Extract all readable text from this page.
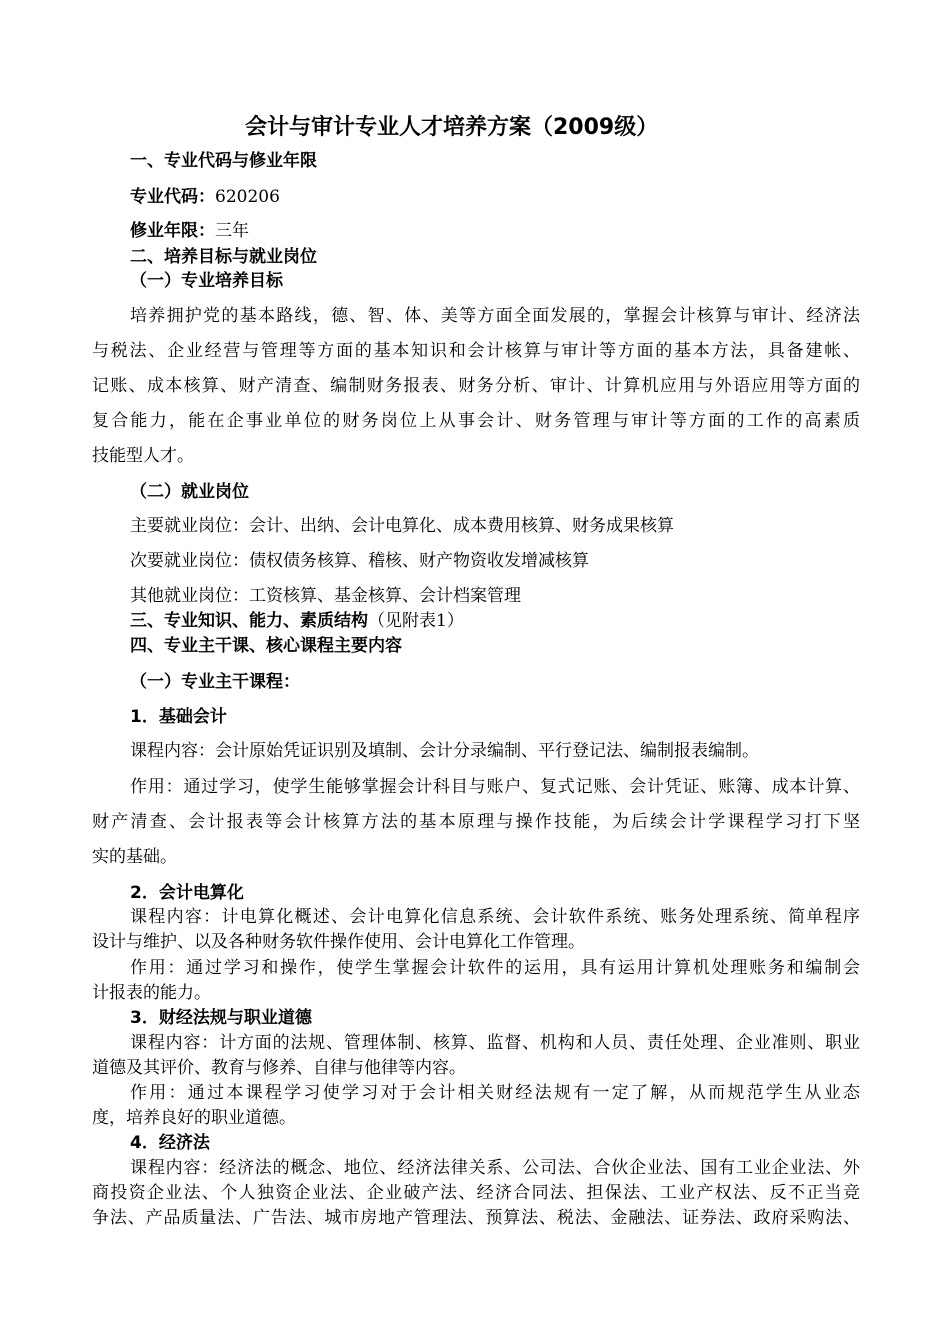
会计与审计专业人才培养方案（2009级）
一、专业代码与修业年限
专业代码：620206
修业年限：三年
二、培养目标与就业岗位
（一）专业培养目标
培养拥护党的基本路线，德、智、体、美等方面全面发展的，掌握会计核算与审计、经济法
与税法、企业经营与管理等方面的基本知识和会计核算与审计等方面的基本方法，具备建帐、
记账、成本核算、财产清查、编制财务报表、财务分析、审计、计算机应用与外语应用等方面的
复合能力，能在企事业单位的财务岗位上从事会计、财务管理与审计等方面的工作的高素质
技能型人才。
（二）就业岗位
主要就业岗位：会计、出纳、会计电算化、成本费用核算、财务成果核算
次要就业岗位：债权债务核算、稽核、财产物资收发增减核算
其他就业岗位：工资核算、基金核算、会计档案管理
三、专业知识、能力、素质结构（见附表1）
四、专业主干课、核心课程主要内容
（一）专业主干课程：
1．基础会计
课程内容：会计原始凭证识别及填制、会计分录编制、平行登记法、编制报表编制。
作用：通过学习，使学生能够掌握会计科目与账户、复式记账、会计凭证、账簿、成本计算、
财产清查、会计报表等会计核算方法的基本原理与操作技能，为后续会计学课程学习打下坚
实的基础。
2．会计电算化
课程内容：计电算化概述、会计电算化信息系统、会计软件系统、账务处理系统、简单程序
设计与维护、以及各种财务软件操作使用、会计电算化工作管理。
作用：通过学习和操作，使学生掌握会计软件的运用，具有运用计算机处理账务和编制会
计报表的能力。
3．财经法规与职业道德
课程内容：计方面的法规、管理体制、核算、监督、机构和人员、责任处理、企业准则、职业
道德及其评价、教育与修养、自律与他律等内容。
作用：通过本课程学习使学习对于会计相关财经法规有一定了解，从而规范学生从业态
度，培养良好的职业道德。
4．经济法
课程内容：经济法的概念、地位、经济法律关系、公司法、合伙企业法、国有工业企业法、外
商投资企业法、个人独资企业法、企业破产法、经济合同法、担保法、工业产权法、反不正当竞
争法、产品质量法、广告法、城市房地产管理法、预算法、税法、金融法、证券法、政府采购法、
